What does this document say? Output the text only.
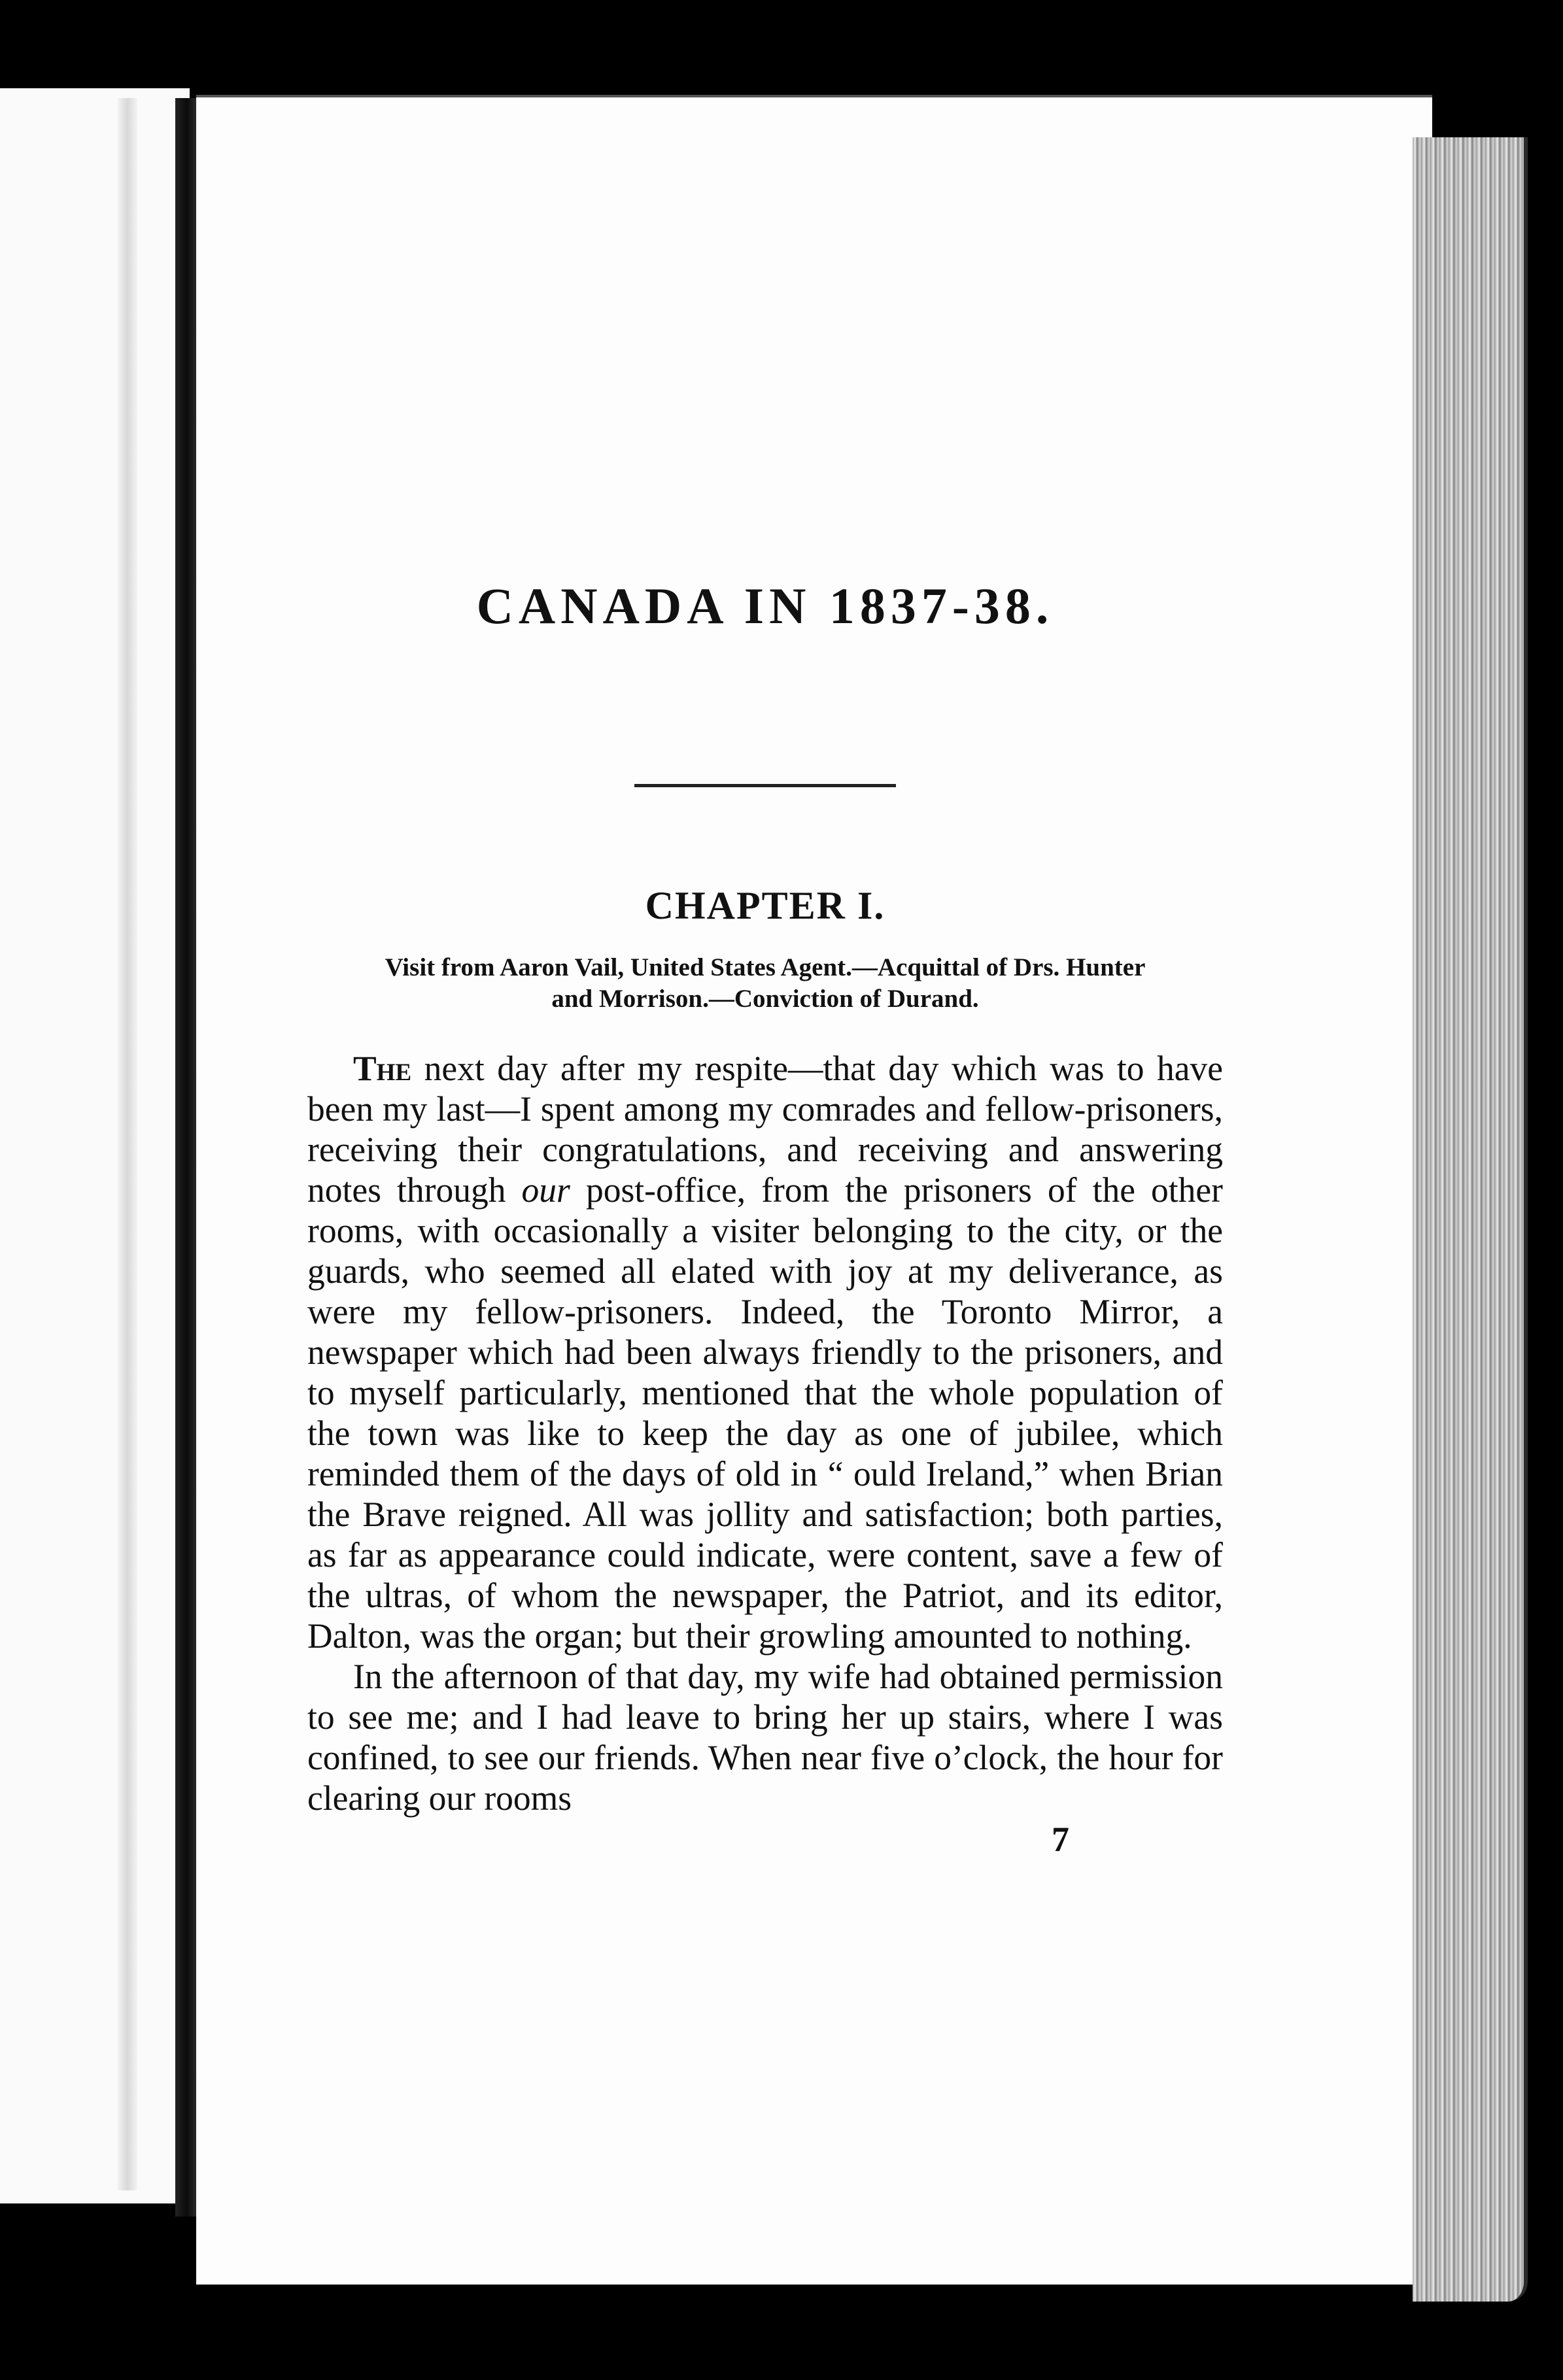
CANADA IN 1837-38.
CHAPTER I.
Visit from Aaron Vail, United States Agent.—Acquittal of Drs. Hunter
and Morrison.—Conviction of Durand.

The next day after my respite—that day which was to have been my last—I spent among my comrades and fellow-prisoners, receiving their congratulations, and receiving and answering notes through our post-office, from the prisoners of the other rooms, with occasionally a visiter belonging to the city, or the guards, who seemed all elated with joy at my deliverance, as were my fellow-prisoners. Indeed, the Toronto Mirror, a newspaper which had been always friendly to the prisoners, and to myself particularly, mentioned that the whole population of the town was like to keep the day as one of jubilee, which reminded them of the days of old in “ ould Ireland,” when Brian the Brave reigned. All was jollity and satisfaction; both parties, as far as appearance could indicate, were content, save a few of the ultras, of whom the newspaper, the Patriot, and its editor, Dalton, was the organ; but their growling amounted to nothing.

In the afternoon of that day, my wife had obtained permission to see me; and I had leave to bring her up stairs, where I was confined, to see our friends. When near five o’clock, the hour for clearing our rooms

7
